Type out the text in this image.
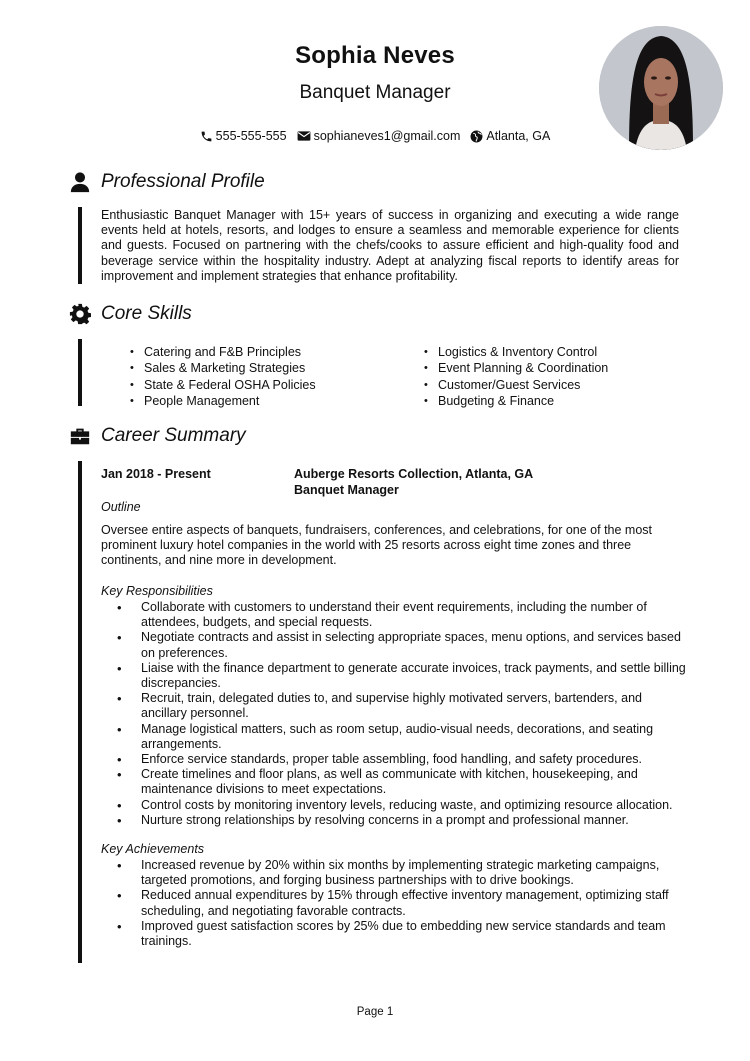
Sophia Neves
Banquet Manager
555-555-555 sophianeves1@gmail.com Atlanta, GA
Professional Profile
Enthusiastic Banquet Manager with 15+ years of success in organizing and executing a wide range events held at hotels, resorts, and lodges to ensure a seamless and memorable experience for clients and guests. Focused on partnering with the chefs/cooks to assure efficient and high-quality food and beverage service within the hospitality industry. Adept at analyzing fiscal reports to identify areas for improvement and implement strategies that enhance profitability.
Core Skills
• Catering and F&B Principles
• Sales & Marketing Strategies
• State & Federal OSHA Policies
• People Management
• Logistics & Inventory Control
• Event Planning & Coordination
• Customer/Guest Services
• Budgeting & Finance
Career Summary
Jan 2018 - Present	Auberge Resorts Collection, Atlanta, GA
Banquet Manager
Outline
Oversee entire aspects of banquets, fundraisers, conferences, and celebrations, for one of the most prominent luxury hotel companies in the world with 25 resorts across eight time zones and three continents, and nine more in development.
Key Responsibilities
• Collaborate with customers to understand their event requirements, including the number of attendees, budgets, and special requests.
• Negotiate contracts and assist in selecting appropriate spaces, menu options, and services based on preferences.
• Liaise with the finance department to generate accurate invoices, track payments, and settle billing discrepancies.
• Recruit, train, delegated duties to, and supervise highly motivated servers, bartenders, and ancillary personnel.
• Manage logistical matters, such as room setup, audio-visual needs, decorations, and seating arrangements.
• Enforce service standards, proper table assembling, food handling, and safety procedures.
• Create timelines and floor plans, as well as communicate with kitchen, housekeeping, and maintenance divisions to meet expectations.
• Control costs by monitoring inventory levels, reducing waste, and optimizing resource allocation.
• Nurture strong relationships by resolving concerns in a prompt and professional manner.
Key Achievements
• Increased revenue by 20% within six months by implementing strategic marketing campaigns, targeted promotions, and forging business partnerships with to drive bookings.
• Reduced annual expenditures by 15% through effective inventory management, optimizing staff scheduling, and negotiating favorable contracts.
• Improved guest satisfaction scores by 25% due to embedding new service standards and team trainings.
Page 1
